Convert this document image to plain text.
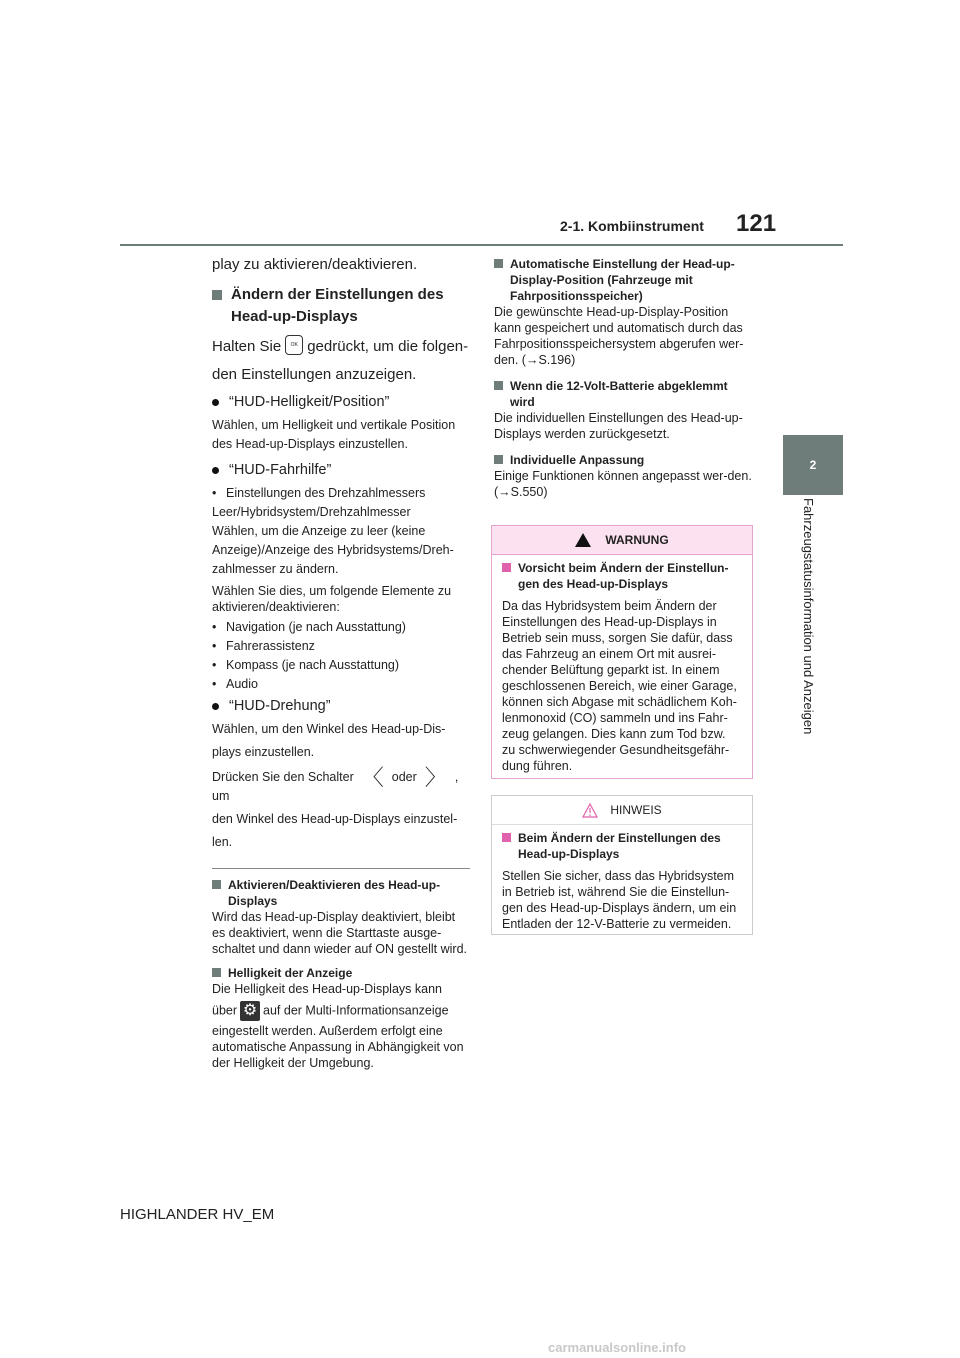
2-1. Kombiinstrument 121
2
Fahrzeugstatusinformation und Anzeigen

play zu aktivieren/deaktivieren.

Ändern der Einstellungen des Head-up-Displays

Halten Sie OK gedrückt, um die folgen-

den Einstellungen anzuzeigen.

“HUD-Helligkeit/Position”

Wählen, um Helligkeit und vertikale Position

des Head-up-Displays einzustellen.

“HUD-Fahrhilfe”
• Einstellungen des Drehzahlmessers

Leer/Hybridsystem/Drehzahlmesser

Wählen, um die Anzeige zu leer (keine

Anzeige)/Anzeige des Hybridsystems/Dreh-

zahlmesser zu ändern.

Wählen Sie dies, um folgende Elemente zu aktivieren/deaktivieren:

• Navigation (je nach Ausstattung)
• Fahrerassistenz
• Kompass (je nach Ausstattung)
• Audio
“HUD-Drehung”

Wählen, um den Winkel des Head-up-Dis-

plays einzustellen.

Drücken Sie den Schalter 〈 oder 〉 , um

den Winkel des Head-up-Displays einzustel-

len.

Aktivieren/Deaktivieren des Head-up-Displays

Wird das Head-up-Display deaktiviert, bleibt es deaktiviert, wenn die Starttaste ausge-schaltet und dann wieder auf ON gestellt wird.

Helligkeit der Anzeige

Die Helligkeit des Head-up-Displays kann

über ⚙ auf der Multi-Informationsanzeige

eingestellt werden. Außerdem erfolgt eine automatische Anpassung in Abhängigkeit von der Helligkeit der Umgebung.

Automatische Einstellung der Head-up-Display-Position (Fahrzeuge mit Fahrpositionsspeicher)

Die gewünschte Head-up-Display-Position kann gespeichert und automatisch durch das Fahrpositionsspeichersystem abgerufen wer-den. (→S.196)

Wenn die 12-Volt-Batterie abgeklemmt wird

Die individuellen Einstellungen des Head-up-Displays werden zurückgesetzt.

Individuelle Anpassung

Einige Funktionen können angepasst wer-den. (→S.550)

WARNUNG
Vorsicht beim Ändern der Einstellun-gen des Head-up-Displays

Da das Hybridsystem beim Ändern der Einstellungen des Head-up-Displays in Betrieb sein muss, sorgen Sie dafür, dass das Fahrzeug an einem Ort mit ausrei-chender Belüftung geparkt ist. In einem geschlossenen Bereich, wie einer Garage, können sich Abgase mit schädlichem Koh-lenmonoxid (CO) sammeln und ins Fahr-zeug gelangen. Dies kann zum Tod bzw. zu schwerwiegender Gesundheitsgefähr-dung führen.

HINWEIS
Beim Ändern der Einstellungen des Head-up-Displays

Stellen Sie sicher, dass das Hybridsystem in Betrieb ist, während Sie die Einstellun-gen des Head-up-Displays ändern, um ein Entladen der 12-V-Batterie zu vermeiden.

HIGHLANDER HV_EM
carmanualsonline.info
